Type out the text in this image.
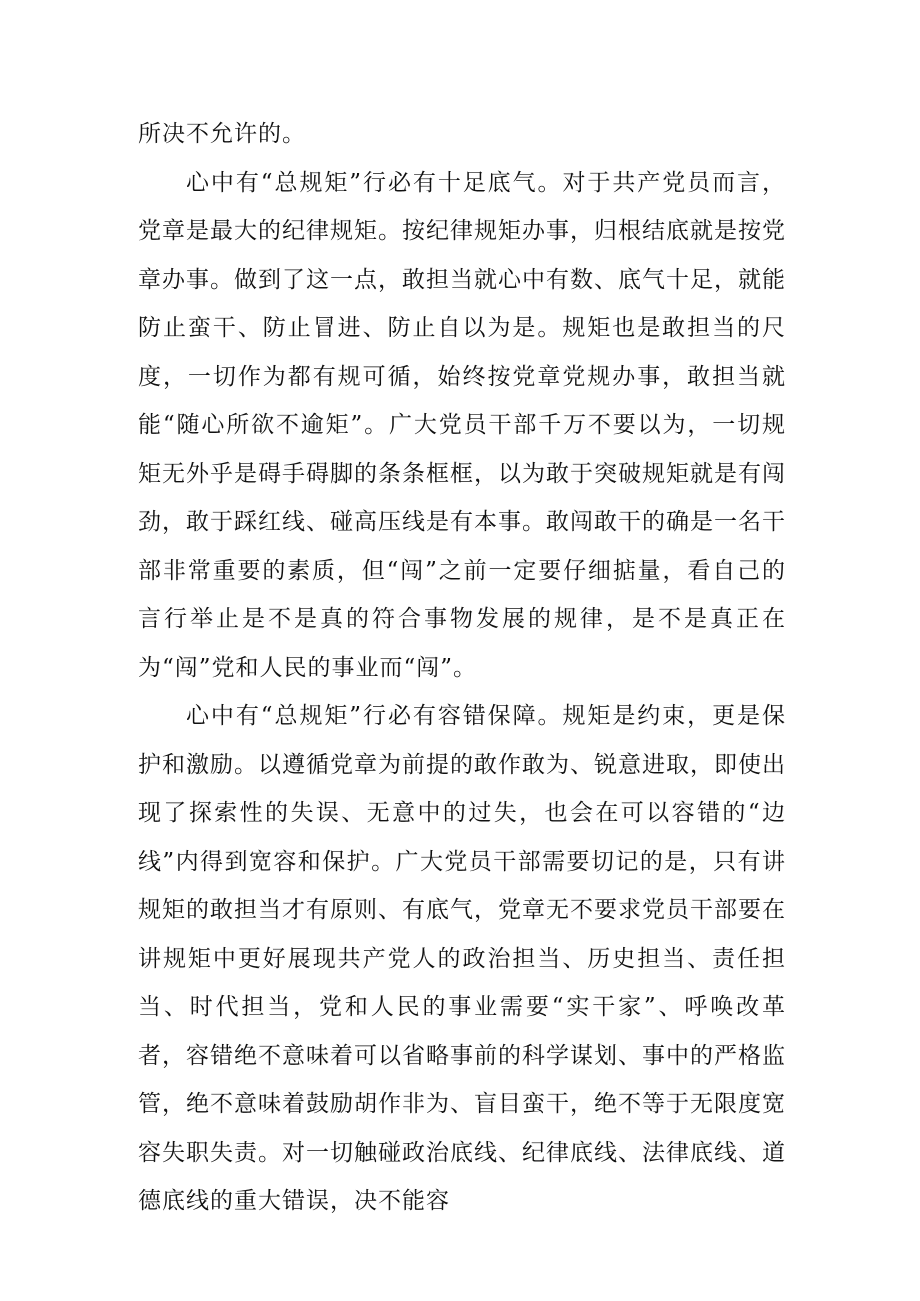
所决不允许的。

心中有“总规矩”行必有十足底气。对于共产党员而言，党章是最大的纪律规矩。按纪律规矩办事，归根结底就是按党章办事。做到了这一点，敢担当就心中有数、底气十足，就能防止蛮干、防止冒进、防止自以为是。规矩也是敢担当的尺度，一切作为都有规可循，始终按党章党规办事，敢担当就能“随心所欲不逾矩”。广大党员干部千万不要以为，一切规矩无外乎是碍手碍脚的条条框框，以为敢于突破规矩就是有闯劲，敢于踩红线、碰高压线是有本事。敢闯敢干的确是一名干部非常重要的素质，但“闯”之前一定要仔细掂量，看自己的言行举止是不是真的符合事物发展的规律，是不是真正在为“闯”党和人民的事业而“闯”。

心中有“总规矩”行必有容错保障。规矩是约束，更是保护和激励。以遵循党章为前提的敢作敢为、锐意进取，即使出现了探索性的失误、无意中的过失，也会在可以容错的“边线”内得到宽容和保护。广大党员干部需要切记的是，只有讲规矩的敢担当才有原则、有底气，党章无不要求党员干部要在讲规矩中更好展现共产党人的政治担当、历史担当、责任担当、时代担当，党和人民的事业需要“实干家”、呼唤改革者，容错绝不意味着可以省略事前的科学谋划、事中的严格监管，绝不意味着鼓励胡作非为、盲目蛮干，绝不等于无限度宽容失职失责。对一切触碰政治底线、纪律底线、法律底线、道德底线的重大错误，决不能容
